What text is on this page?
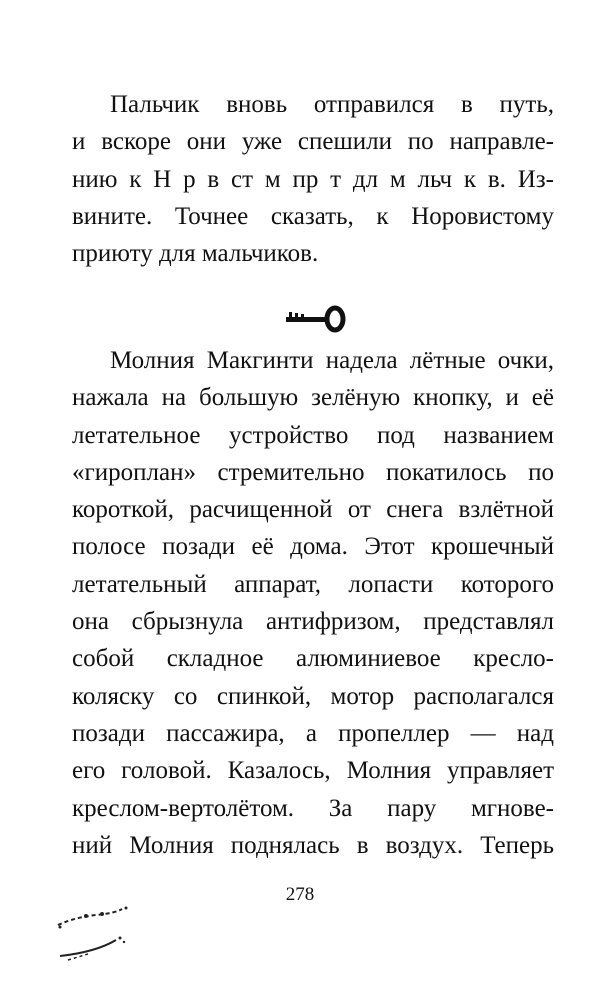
Пальчик вновь отправился в путь,
и вскоре они уже спешили по направле-
нию к Н р в ст м пр т дл м льч к в. Из-
вините. Точнее сказать, к Норовистому
приюту для мальчиков.
Молния Макгинти надела лётные очки,
нажала на большую зелёную кнопку, и её
летательное устройство под названием
«гироплан» стремительно покатилось по
короткой, расчищенной от снега взлётной
полосе позади её дома. Этот крошечный
летательный аппарат, лопасти которого
она сбрызнула антифризом, представлял
собой складное алюминиевое кресло-
коляску со спинкой, мотор располагался
позади пассажира, а пропеллер — над
его головой. Казалось, Молния управляет
креслом-вертолётом. За пару мгнове-
ний Молния поднялась в воздух. Теперь
278
